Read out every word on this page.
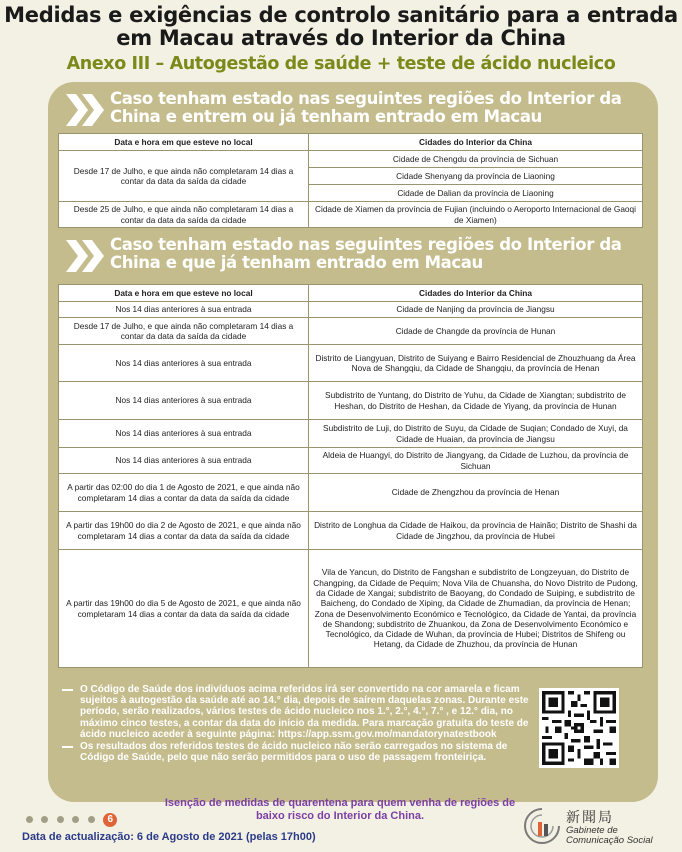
Medidas e exigências de controlo sanitário para a entrada em Macau através do Interior da China
Anexo III – Autogestão de saúde + teste de ácido nucleico
Caso tenham estado nas seguintes regiões do Interior da China e entrem ou já tenham entrado em Macau
Data e hora em que esteve no local	Cidades do Interior da China
Desde 17 de Julho, e que ainda não completaram 14 dias a contar da data da saída da cidade	Cidade de Chengdu da província de Sichuan
	Cidade Shenyang da província de Liaoning
	Cidade de Dalian da província de Liaoning
Desde 25 de Julho, e que ainda não completaram 14 dias a contar da data da saída da cidade	Cidade de Xiamen da província de Fujian (incluindo o Aeroporto Internacional de Gaoqi de Xiamen)
Caso tenham estado nas seguintes regiões do Interior da China e que já tenham entrado em Macau
Data e hora em que esteve no local	Cidades do Interior da China
Nos 14 dias anteriores à sua entrada	Cidade de Nanjing da província de Jiangsu
Desde 17 de Julho, e que ainda não completaram 14 dias a contar da data da saída da cidade	Cidade de Changde da província de Hunan
Nos 14 dias anteriores à sua entrada	Distrito de Liangyuan, Distrito de Suiyang e Bairro Residencial de Zhouzhuang da Área Nova de Shangqiu, da Cidade de Shangqiu, da província de Henan
Nos 14 dias anteriores à sua entrada	Subdistrito de Yuntang, do Distrito de Yuhu, da Cidade de Xiangtan; subdistrito de Heshan, do Distrito de Heshan, da Cidade de Yiyang, da província de Hunan
Nos 14 dias anteriores à sua entrada	Subdistrito de Luji, do Distrito de Suyu, da Cidade de Suqian; Condado de Xuyi, da Cidade de Huaian, da província de Jiangsu
Nos 14 dias anteriores à sua entrada	Aldeia de Huangyi, do Distrito de Jiangyang, da Cidade de Luzhou, da província de Sichuan
A partir das 02:00 do dia 1 de Agosto de 2021, e que ainda não completaram 14 dias a contar da data da saída da cidade	Cidade de Zhengzhou da província de Henan
A partir das 19h00 do dia 2 de Agosto de 2021, e que ainda não completaram 14 dias a contar da data da saída da cidade	Distrito de Longhua da Cidade de Haikou, da província de Hainão; Distrito de Shashi da Cidade de Jingzhou, da província de Hubei
A partir das 19h00 do dia 5 de Agosto de 2021, e que ainda não completaram 14 dias a contar da data da saída da cidade	Vila de Yancun, do Distrito de Fangshan e subdistrito de Longzeyuan, do Distrito de Changping, da Cidade de Pequim; Nova Vila de Chuansha, do Novo Distrito de Pudong, da Cidade de Xangai; subdistrito de Baoyang, do Condado de Suiping, e subdistrito de Baicheng, do Condado de Xiping, da Cidade de Zhumadian, da província de Henan; Zona de Desenvolvimento Económico e Tecnológico, da Cidade de Yantai, da província de Shandong; subdistrito de Zhuankou, da Zona de Desenvolvimento Económico e Tecnológico, da Cidade de Wuhan, da província de Hubei; Distritos de Shifeng ou Hetang, da Cidade de Zhuzhou, da província de Hunan
O Código de Saúde dos indivíduos acima referidos irá ser convertido na cor amarela e ficam sujeitos à autogestão da saúde até ao 14.° dia, depois de saírem daquelas zonas. Durante este período, serão realizados, vários testes de ácido nucleico nos 1.°, 2.°, 4.°, 7.° , e 12.° dia, no máximo cinco testes, a contar da data do início da medida. Para marcação gratuita do teste de ácido nucleico aceder à seguinte página: https://app.ssm.gov.mo/mandatorynatestbook
Os resultados dos referidos testes de ácido nucleico não serão carregados no sistema de Código de Saúde, pelo que não serão permitidos para o uso de passagem fronteiriça.
6
Isenção de medidas de quarentena para quem venha de regiões de baixo risco do Interior da China.
Data de actualização: 6 de Agosto de 2021 (pelas 17h00)
新聞局
Gabinete de
Comunicação Social
